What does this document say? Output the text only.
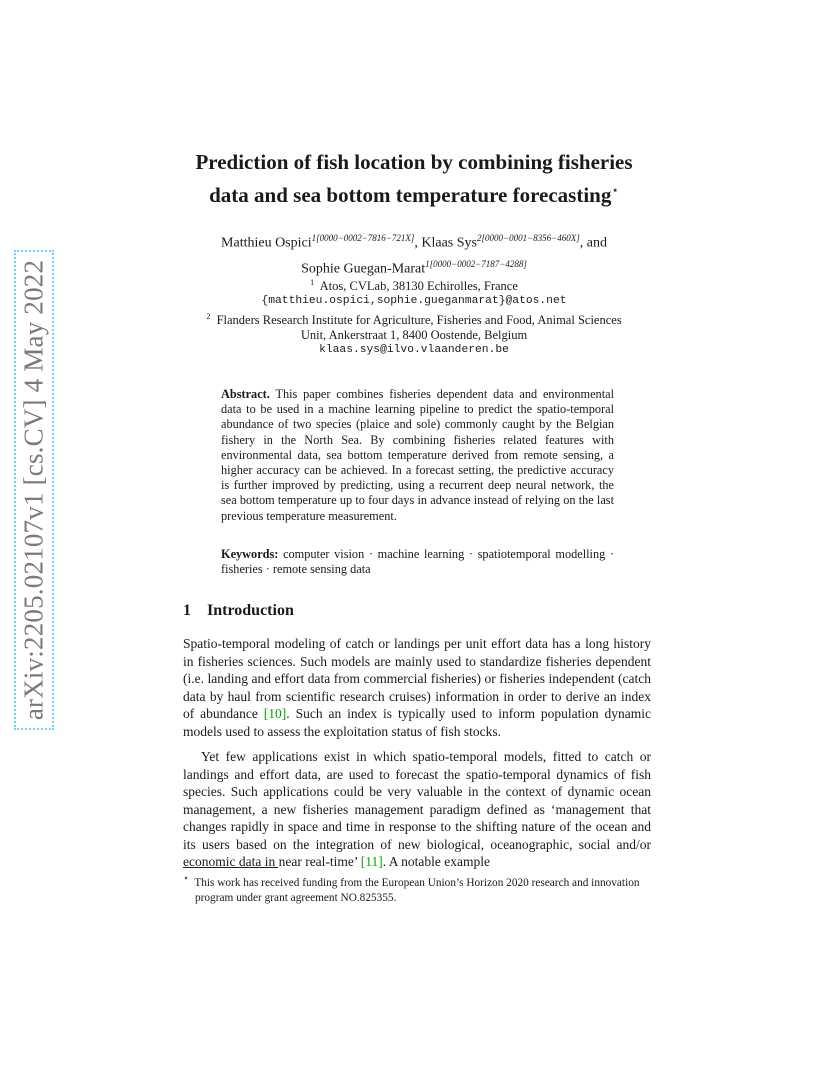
arXiv:2205.02107v1 [cs.CV] 4 May 2022
Prediction of fish location by combining fisheries
data and sea bottom temperature forecasting⋆
Matthieu Ospici$^{1[0000-0002-7816-721X]}$, Klaas Sys$^{2[0000-0001-8356-460X]}$, and
Sophie Guegan-Marat$^{1[0000-0002-7187-4288]}$
$^1$ Atos, CVLab, 38130 Echirolles, France
{matthieu.ospici,sophie.gueganmarat}@atos.net
$^2$ Flanders Research Institute for Agriculture, Fisheries and Food, Animal Sciences
Unit, Ankerstraat 1, 8400 Oostende, Belgium
klaas.sys@ilvo.vlaanderen.be
Abstract. This paper combines fisheries dependent data and environmental data to be used in a machine learning pipeline to predict the spatio-temporal abundance of two species (plaice and sole) commonly caught by the Belgian fishery in the North Sea. By combining fisheries related features with environmental data, sea bottom temperature derived from remote sensing, a higher accuracy can be achieved. In a forecast setting, the predictive accuracy is further improved by predicting, using a recurrent deep neural network, the sea bottom temperature up to four days in advance instead of relying on the last previous temperature measurement.
Keywords: computer vision · machine learning · spatiotemporal modelling · fisheries · remote sensing data
1 Introduction
Spatio-temporal modeling of catch or landings per unit effort data has a long history in fisheries sciences. Such models are mainly used to standardize fisheries dependent (i.e. landing and effort data from commercial fisheries) or fisheries independent (catch data by haul from scientific research cruises) information in order to derive an index of abundance [10]. Such an index is typically used to inform population dynamic models used to assess the exploitation status of fish stocks.
Yet few applications exist in which spatio-temporal models, fitted to catch or landings and effort data, are used to forecast the spatio-temporal dynamics of fish species. Such applications could be very valuable in the context of dynamic ocean management, a new fisheries management paradigm defined as ‘management that changes rapidly in space and time in response to the shifting nature of the ocean and its users based on the integration of new biological, oceanographic, social and/or economic data in near real-time’ [11]. A notable example
⋆ This work has received funding from the European Union’s Horizon 2020 research and innovation program under grant agreement NO.825355.
